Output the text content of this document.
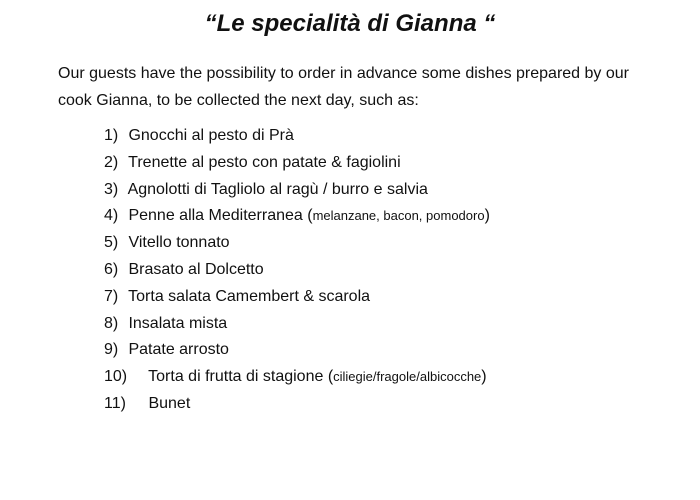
“Le specialità di Gianna “
Our guests have the possibility to order in advance some dishes prepared by our cook Gianna, to be collected the next day, such as:
1) Gnocchi al pesto di Prà
2) Trenette al pesto con patate & fagiolini
3) Agnolotti di Tagliolo al ragù / burro e salvia
4) Penne alla Mediterranea (melanzane, bacon, pomodoro)
5) Vitello tonnato
6) Brasato al Dolcetto
7) Torta salata Camembert & scarola
8) Insalata mista
9) Patate arrosto
10) Torta di frutta di stagione (ciliegie/fragole/albicocche)
11) Bunet
